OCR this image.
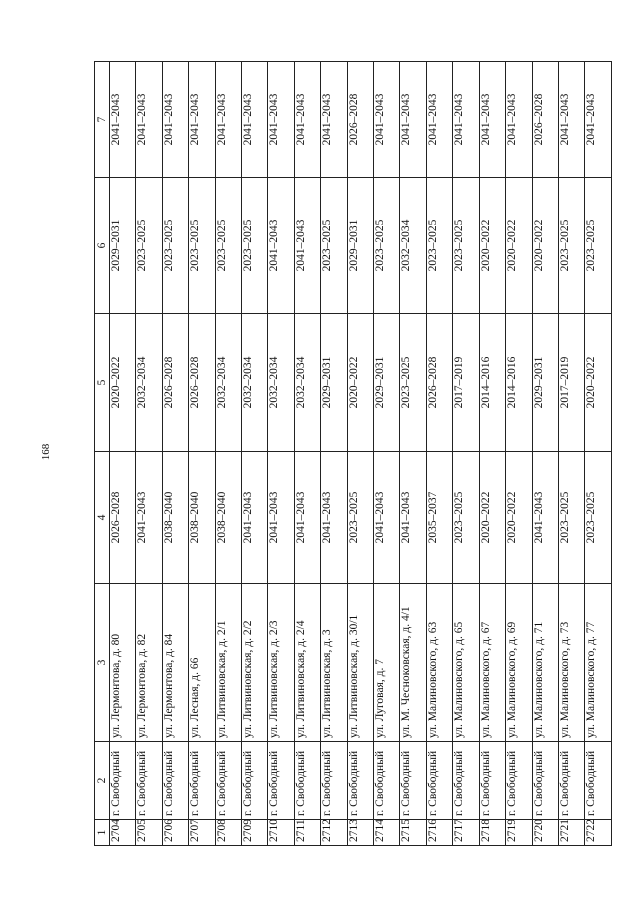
168
1	2	3	4	5	6	7
2704	г. Свободный	ул. Лермонтова, д. 80	2026–2028	2020–2022	2029–2031	2041–2043
2705	г. Свободный	ул. Лермонтова, д. 82	2041–2043	2032–2034	2023–2025	2041–2043
2706	г. Свободный	ул. Лермонтова, д. 84	2038–2040	2026–2028	2023–2025	2041–2043
2707	г. Свободный	ул. Лесная, д. 66	2038–2040	2026–2028	2023–2025	2041–2043
2708	г. Свободный	ул. Литвиновская, д. 2/1	2038–2040	2032–2034	2023–2025	2041–2043
2709	г. Свободный	ул. Литвиновская, д. 2/2	2041–2043	2032–2034	2023–2025	2041–2043
2710	г. Свободный	ул. Литвиновская, д. 2/3	2041–2043	2032–2034	2041–2043	2041–2043
2711	г. Свободный	ул. Литвиновская, д. 2/4	2041–2043	2032–2034	2041–2043	2041–2043
2712	г. Свободный	ул. Литвиновская, д. 3	2041–2043	2029–2031	2023–2025	2041–2043
2713	г. Свободный	ул. Литвиновская, д. 30/1	2023–2025	2020–2022	2029–2031	2026–2028
2714	г. Свободный	ул. Луговая, д. 7	2041–2043	2029–2031	2023–2025	2041–2043
2715	г. Свободный	ул. М. Чесноковская, д. 4/1	2041–2043	2023–2025	2032–2034	2041–2043
2716	г. Свободный	ул. Малиновского, д. 63	2035–2037	2026–2028	2023–2025	2041–2043
2717	г. Свободный	ул. Малиновского, д. 65	2023–2025	2017–2019	2023–2025	2041–2043
2718	г. Свободный	ул. Малиновского, д. 67	2020–2022	2014–2016	2020–2022	2041–2043
2719	г. Свободный	ул. Малиновского, д. 69	2020–2022	2014–2016	2020–2022	2041–2043
2720	г. Свободный	ул. Малиновского, д. 71	2041–2043	2029–2031	2020–2022	2026–2028
2721	г. Свободный	ул. Малиновского, д. 73	2023–2025	2017–2019	2023–2025	2041–2043
2722	г. Свободный	ул. Малиновского, д. 77	2023–2025	2020–2022	2023–2025	2041–2043
